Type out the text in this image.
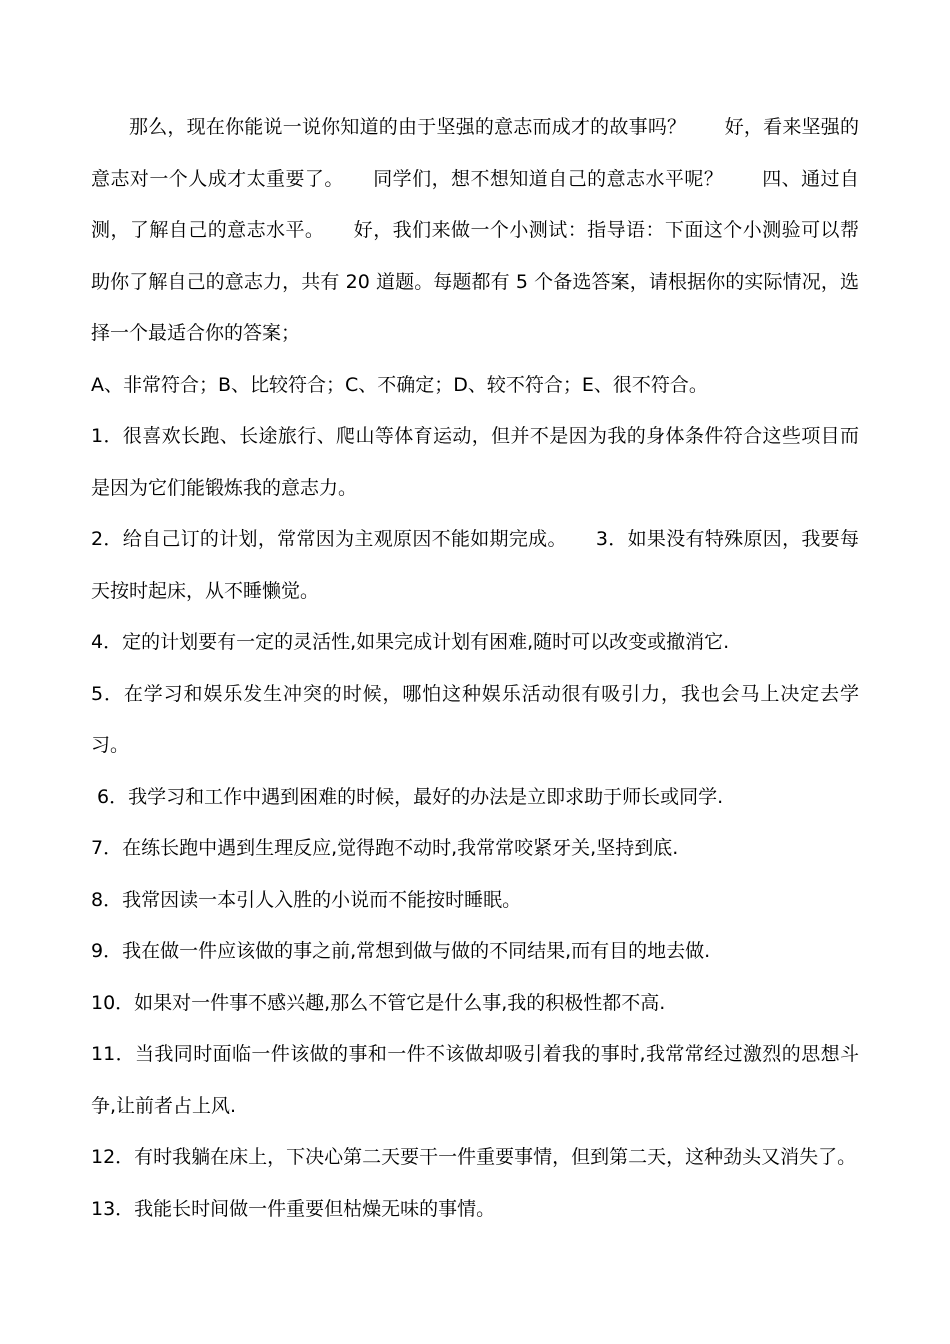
那么，现在你能说一说你知道的由于坚强的意志而成才的故事吗？　　好，看来坚强的意志对一个人成才太重要了。　　同学们，想不想知道自己的意志水平呢？　　四、通过自测，了解自己的意志水平。　　好，我们来做一个小测试：指导语：下面这个小测验可以帮助你了解自己的意志力，共有 20 道题。每题都有 5 个备选答案，请根据你的实际情况，选择一个最适合你的答案；

A、非常符合；B、比较符合；C、不确定；D、较不符合；E、很不符合。

1．很喜欢长跑、长途旅行、爬山等体育运动，但并不是因为我的身体条件符合这些项目而是因为它们能锻炼我的意志力。

2．给自己订的计划，常常因为主观原因不能如期完成。　　3．如果没有特殊原因，我要每天按时起床，从不睡懒觉。

4．定的计划要有一定的灵活性,如果完成计划有困难,随时可以改变或撤消它.

5．在学习和娱乐发生冲突的时候，哪怕这种娱乐活动很有吸引力，我也会马上决定去学习。

6．我学习和工作中遇到困难的时候，最好的办法是立即求助于师长或同学.

7．在练长跑中遇到生理反应,觉得跑不动时,我常常咬紧牙关,坚持到底.

8．我常因读一本引人入胜的小说而不能按时睡眠。

9．我在做一件应该做的事之前,常想到做与做的不同结果,而有目的地去做.

10．如果对一件事不感兴趣,那么不管它是什么事,我的积极性都不高.

11．当我同时面临一件该做的事和一件不该做却吸引着我的事时,我常常经过激烈的思想斗争,让前者占上风.

12．有时我躺在床上，下决心第二天要干一件重要事情，但到第二天，这种劲头又消失了。

13．我能长时间做一件重要但枯燥无味的事情。
